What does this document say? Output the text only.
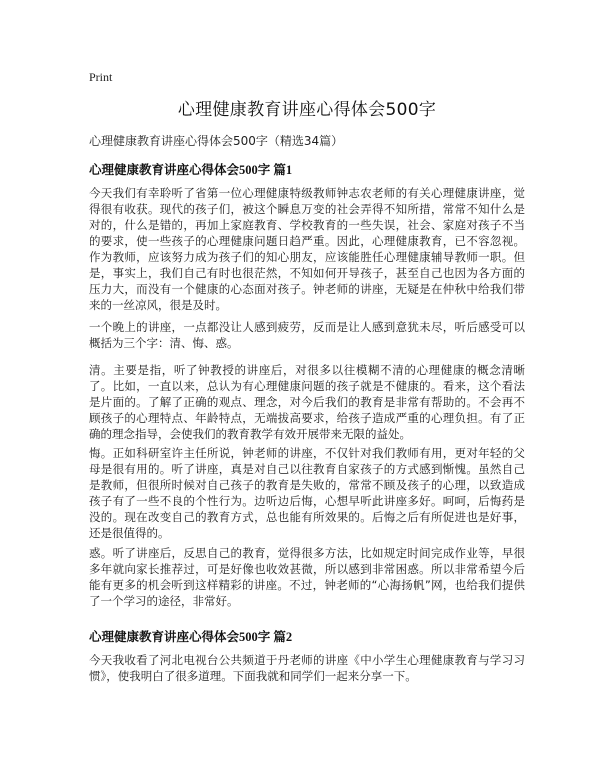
Print
心理健康教育讲座心得体会500字
心理健康教育讲座心得体会500字（精选34篇）
心理健康教育讲座心得体会500字 篇1

今天我们有幸聆听了省第一位心理健康特级教师钟志农老师的有关心理健康讲座，觉得很有收获。现代的孩子们，被这个瞬息万变的社会弄得不知所措，常常不知什么是对的，什么是错的，再加上家庭教育、学校教育的一些失误，社会、家庭对孩子不当的要求，使一些孩子的心理健康问题日趋严重。因此，心理健康教育，已不容忽视。作为教师，应该努力成为孩子们的知心朋友，应该能胜任心理健康辅导教师一职。但是，事实上，我们自己有时也很茫然，不知如何开导孩子，甚至自己也因为各方面的压力大，而没有一个健康的心态面对孩子。钟老师的讲座，无疑是在仲秋中给我们带来的一丝凉风，很是及时。

一个晚上的讲座，一点都没让人感到疲劳，反而是让人感到意犹未尽，听后感受可以概括为三个字：清、悔、惑。

清。主要是指，听了钟教授的讲座后，对很多以往模糊不清的心理健康的概念清晰了。比如，一直以来，总认为有心理健康问题的孩子就是不健康的。看来，这个看法是片面的。了解了正确的观点、理念，对今后我们的教育是非常有帮助的。不会再不顾孩子的心理特点、年龄特点，无端拔高要求，给孩子造成严重的心理负担。有了正确的理念指导，会使我们的教育教学有效开展带来无限的益处。

悔。正如科研室许主任所说，钟老师的讲座，不仅针对我们教师有用，更对年轻的父母是很有用的。听了讲座，真是对自己以往教育自家孩子的方式感到惭愧。虽然自己是教师，但很所时候对自己孩子的教育是失败的，常常不顾及孩子的心理，以致造成孩子有了一些不良的个性行为。边听边后悔，心想早听此讲座多好。呵呵，后悔药是没的。现在改变自己的教育方式，总也能有所效果的。后悔之后有所促进也是好事，还是很值得的。

惑。听了讲座后，反思自己的教育，觉得很多方法，比如规定时间完成作业等，早很多年就向家长推荐过，可是好像也收效甚微，所以感到非常困惑。所以非常希望今后能有更多的机会听到这样精彩的讲座。不过，钟老师的“心海扬帆”网，也给我们提供了一个学习的途径，非常好。

心理健康教育讲座心得体会500字 篇2

今天我收看了河北电视台公共频道于丹老师的讲座《中小学生心理健康教育与学习习惯》，使我明白了很多道理。下面我就和同学们一起来分享一下。
